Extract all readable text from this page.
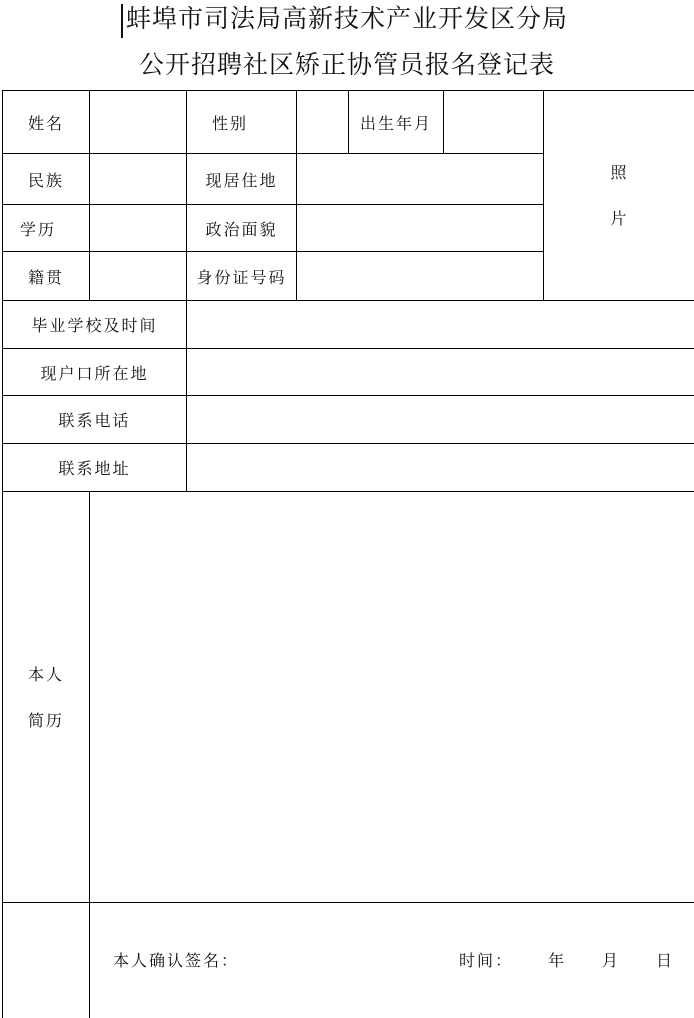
蚌埠市司法局高新技术产业开发区分局
公开招聘社区矫正协管员报名登记表
姓名	性别	出生年月
民族	现居住地
学历	政治面貌
籍贯	身份证号码
照
片
毕业学校及时间
现户口所在地
联系电话
联系地址
本人
简历
本人确认签名：	时间： 年 月 日
